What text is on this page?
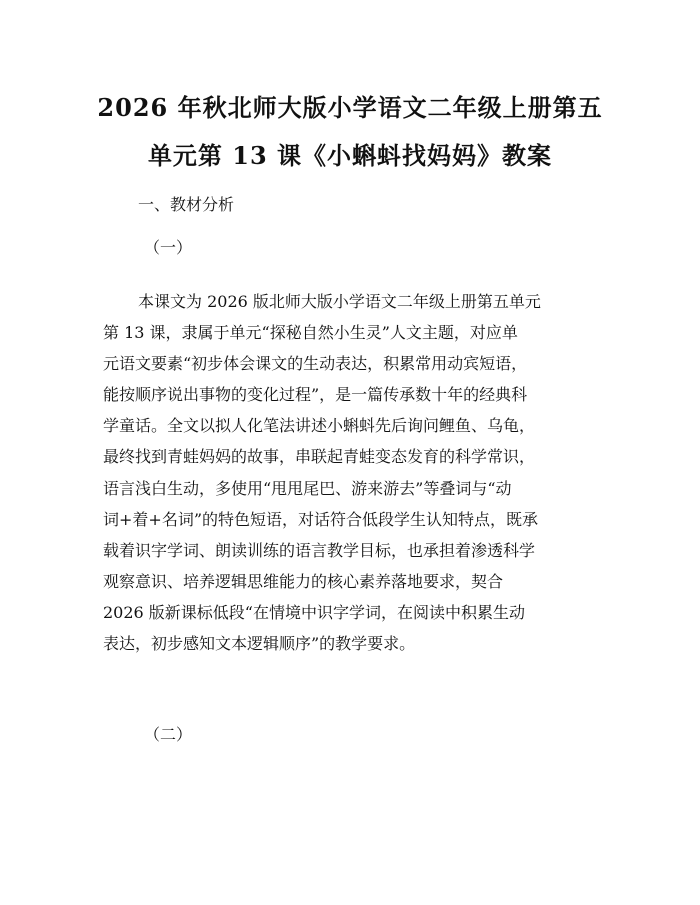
2026 年秋北师大版小学语文二年级上册第五
单元第 13 课《小蝌蚪找妈妈》教案

一、教材分析

（一）

本课文为 2026 版北师大版小学语文二年级上册第五单元
第 13 课，隶属于单元“探秘自然小生灵”人文主题，对应单
元语文要素“初步体会课文的生动表达，积累常用动宾短语，
能按顺序说出事物的变化过程”，是一篇传承数十年的经典科
学童话。全文以拟人化笔法讲述小蝌蚪先后询问鲤鱼、乌龟，
最终找到青蛙妈妈的故事，串联起青蛙变态发育的科学常识，
语言浅白生动，多使用“甩甩尾巴、游来游去”等叠词与“动
词+着+名词”的特色短语，对话符合低段学生认知特点，既承
载着识字学词、朗读训练的语言教学目标，也承担着渗透科学
观察意识、培养逻辑思维能力的核心素养落地要求，契合
2026 版新课标低段“在情境中识字学词，在阅读中积累生动
表达，初步感知文本逻辑顺序”的教学要求。

（二）
